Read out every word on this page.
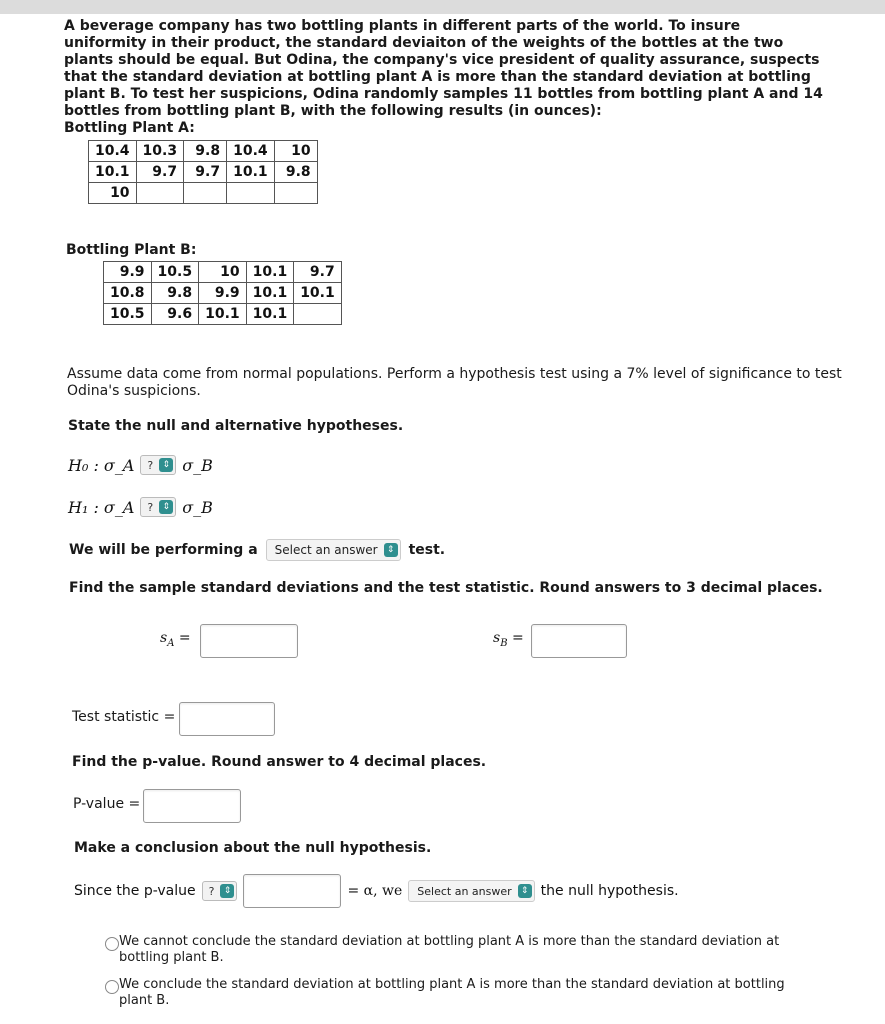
A beverage company has two bottling plants in different parts of the world. To insure uniformity in their product, the standard deviaiton of the weights of the bottles at the two plants should be equal. But Odina, the company's vice president of quality assurance, suspects that the standard deviation at bottling plant A is more than the standard deviation at bottling plant B. To test her suspicions, Odina randomly samples 11 bottles from bottling plant A and 14 bottles from bottling plant B, with the following results (in ounces):
Bottling Plant A:
10.4	10.3	9.8	10.4	10
10.1	9.7	9.7	10.1	9.8
10				
Bottling Plant B:
9.9	10.5	10	10.1	9.7
10.8	9.8	9.9	10.1	10.1
10.5	9.6	10.1	10.1	
Assume data come from normal populations. Perform a hypothesis test using a 7% level of significance to test Odina's suspicions.
State the null and alternative hypotheses.
H₀ : σ_A	?	⇕ σ_B
H₁ : σ_A	?	⇕ σ_B
We will be performing a	Select an answer	⇕ test.
Find the sample standard deviations and the test statistic. Round answers to 3 decimal places.
$s_A$ =	$s_B$ =
Test statistic =
Find the p-value. Round answer to 4 decimal places.
P-value =
Make a conclusion about the null hypothesis.
Since the p-value	?	⇕	= α, we	Select an answer	⇕ the null hypothesis.
We cannot conclude the standard deviation at bottling plant A is more than the standard deviation at bottling plant B.
We conclude the standard deviation at bottling plant A is more than the standard deviation at bottling plant B.
